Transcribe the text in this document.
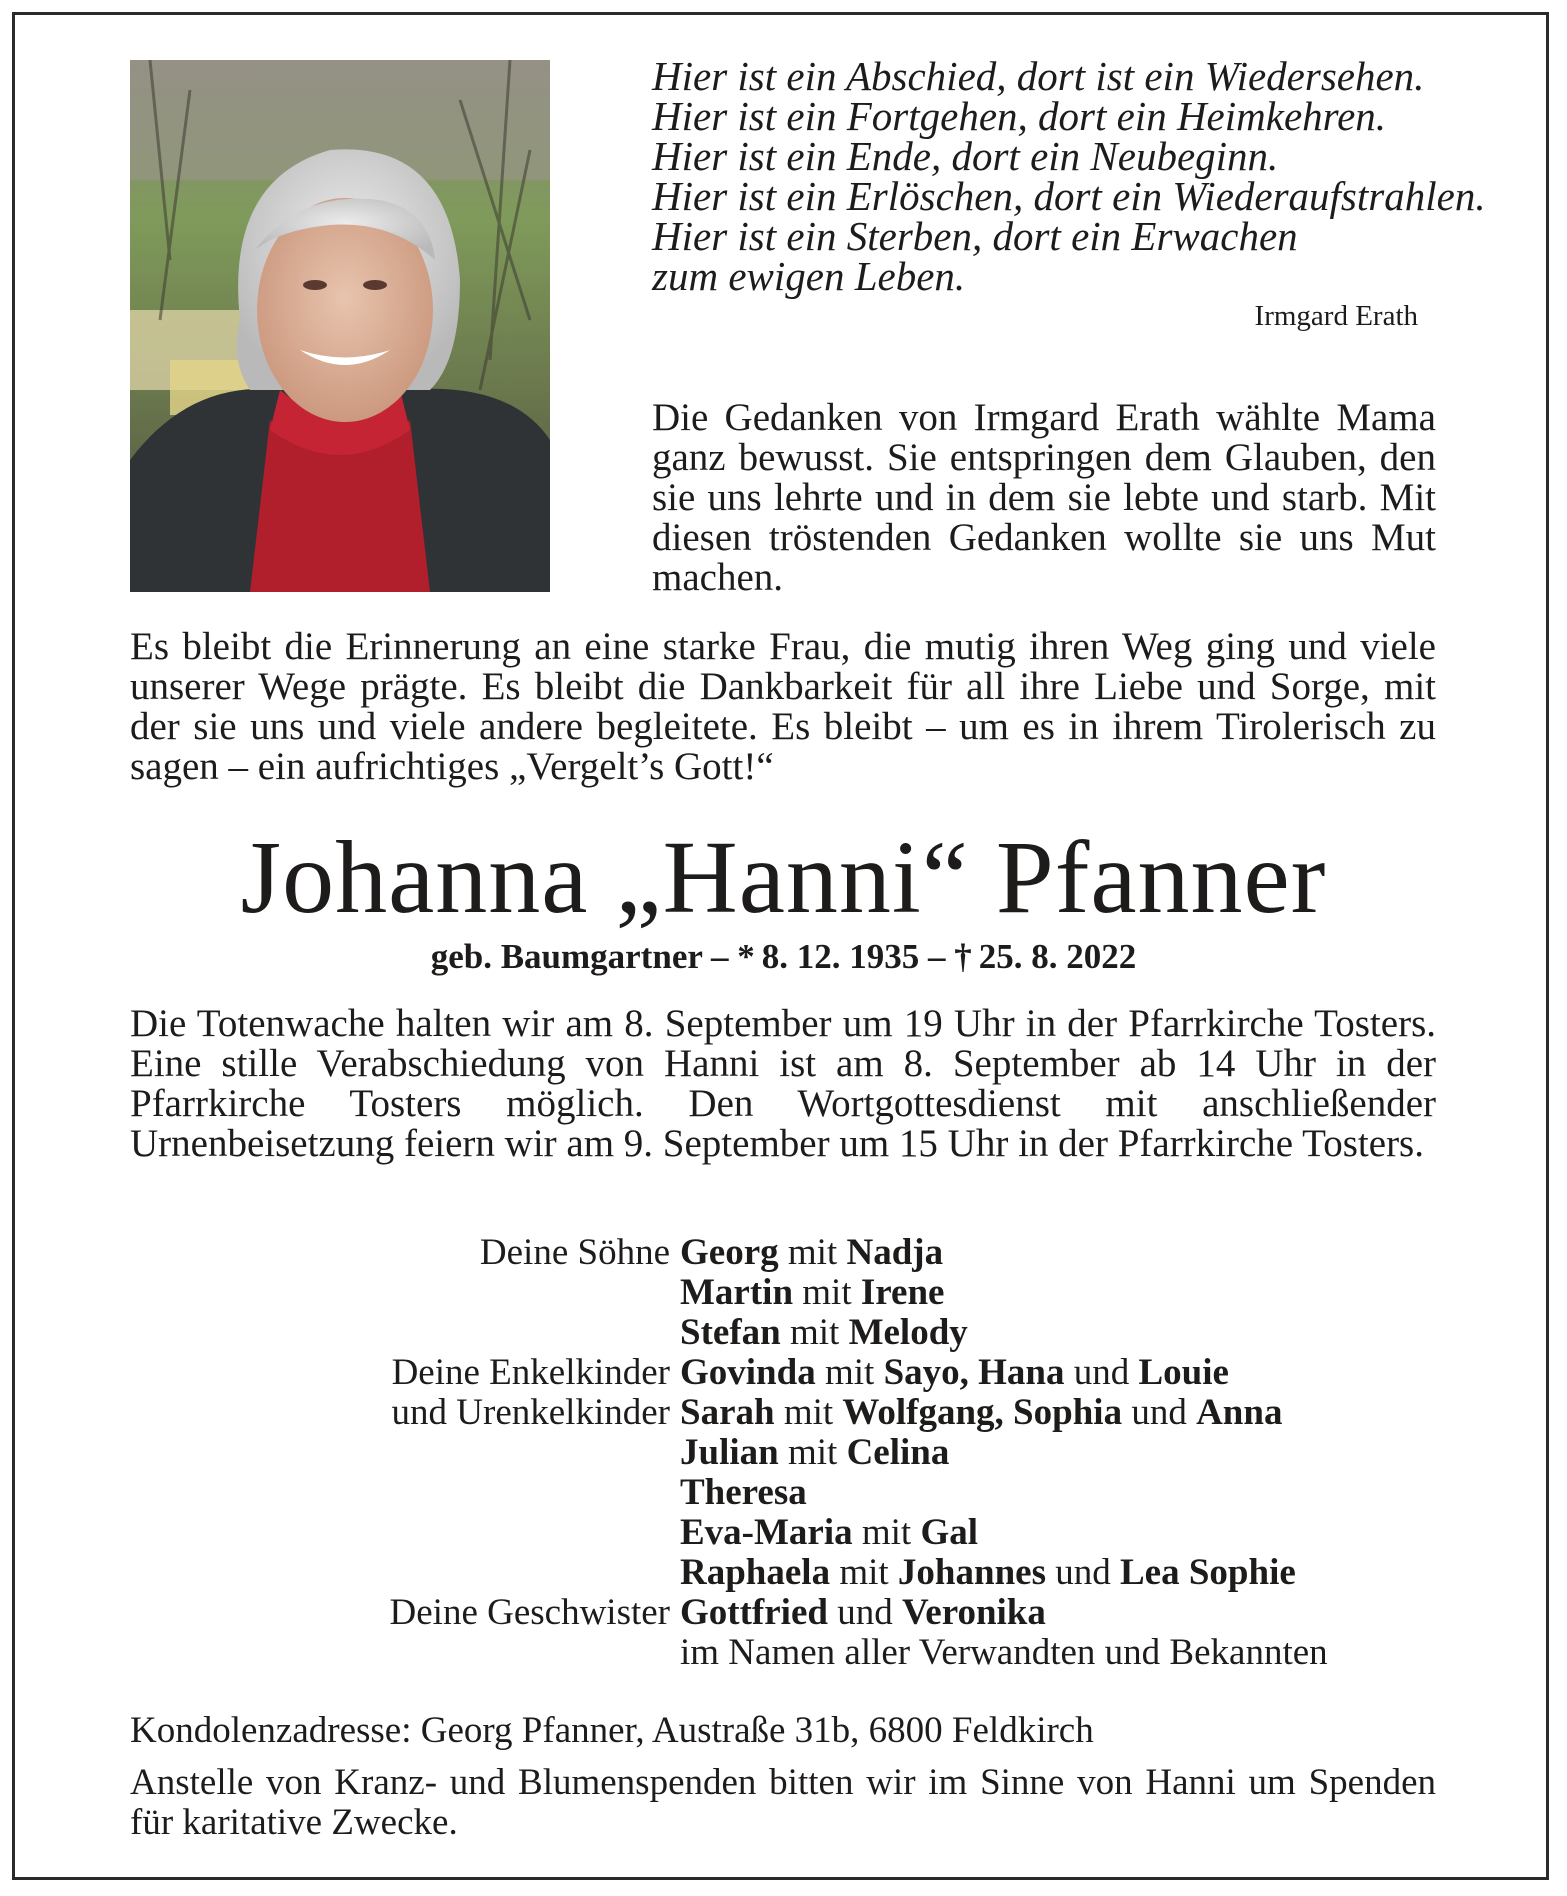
Hier ist ein Abschied, dort ist ein Wiedersehen.
Hier ist ein Fortgehen, dort ein Heimkehren.
Hier ist ein Ende, dort ein Neubeginn.
Hier ist ein Erlöschen, dort ein Wiederaufstrahlen.
Hier ist ein Sterben, dort ein Erwachen
zum ewigen Leben.
Irmgard Erath

Die Gedanken von Irmgard Erath wählte Mama ganz bewusst. Sie entspringen dem Glauben, den sie uns lehrte und in dem sie lebte und starb. Mit diesen tröstenden Gedanken wollte sie uns Mut machen.

Es bleibt die Erinnerung an eine starke Frau, die mutig ihren Weg ging und viele unserer Wege prägte. Es bleibt die Dankbarkeit für all ihre Liebe und Sorge, mit der sie uns und viele andere begleitete. Es bleibt – um es in ihrem Tirolerisch zu sagen – ein aufrichtiges „Vergelt’s Gott!“

Johanna „Hanni“ Pfanner
geb. Baumgartner – * 8. 12. 1935 – † 25. 8. 2022

Die Totenwache halten wir am 8. September um 19 Uhr in der Pfarrkirche Tosters. Eine stille Verabschiedung von Hanni ist am 8. September ab 14 Uhr in der Pfarrkirche Tosters möglich. Den Wortgottesdienst mit anschließender Urnenbeisetzung feiern wir am 9. September um 15 Uhr in der Pfarrkirche Tosters.

Deine Söhne Georg mit Nadja
Martin mit Irene
Stefan mit Melody
Deine Enkelkinder Govinda mit Sayo, Hana und Louie
und Urenkelkinder Sarah mit Wolfgang, Sophia und Anna
Julian mit Celina
Theresa
Eva-Maria mit Gal
Raphaela mit Johannes und Lea Sophie
Deine Geschwister Gottfried und Veronika
im Namen aller Verwandten und Bekannten

Kondolenzadresse: Georg Pfanner, Austraße 31b, 6800 Feldkirch

Anstelle von Kranz- und Blumenspenden bitten wir im Sinne von Hanni um Spenden für karitative Zwecke.
